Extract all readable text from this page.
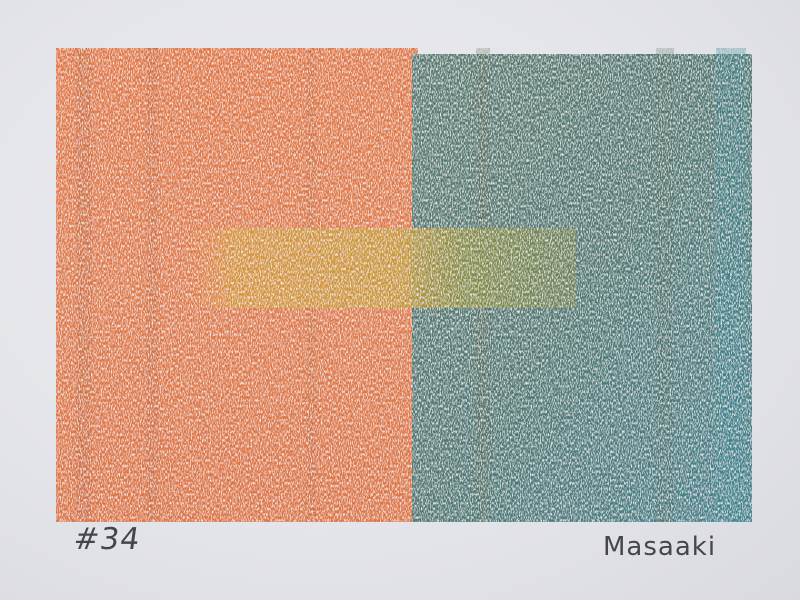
#34	Masaaki
